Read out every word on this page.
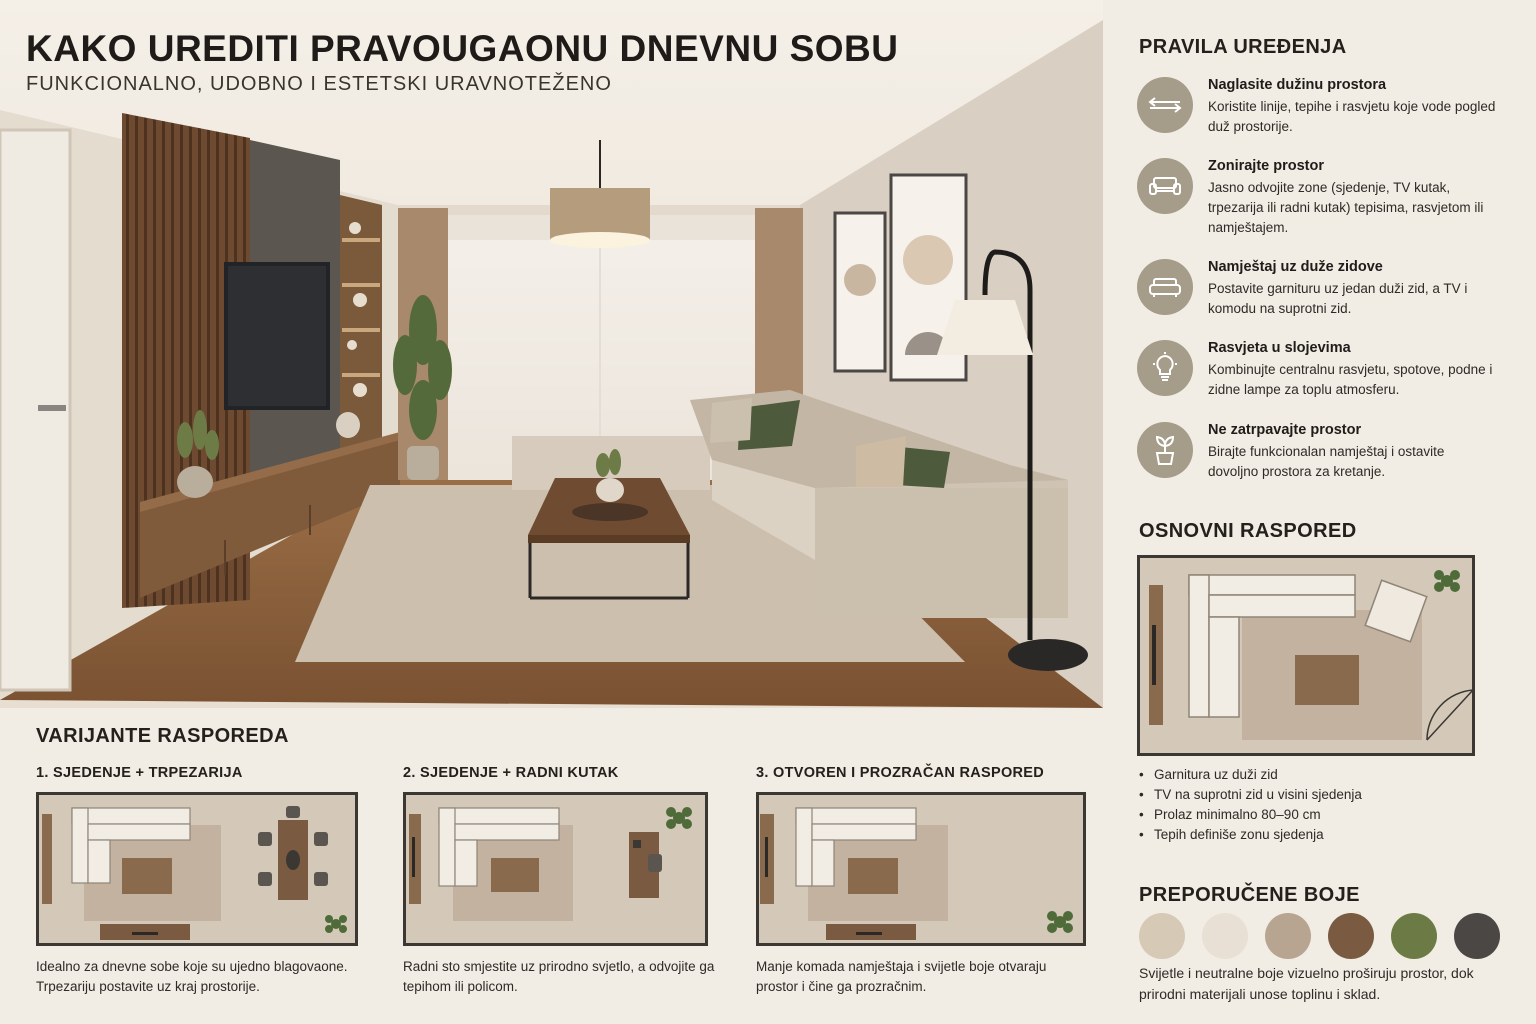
KAKO UREDITI PRAVOUGAONU DNEVNU SOBU
FUNKCIONALNO, UDOBNO I ESTETSKI URAVNOTEŽENO
PRAVILA UREĐENJA
Naglasite dužinu prostora
Koristite linije, tepihe i rasvjetu koje vode pogled duž prostorije.
Zonirajte prostor
Jasno odvojite zone (sjedenje, TV kutak, trpezarija ili radni kutak) tepisima, rasvjetom ili namještajem.
Namještaj uz duže zidove
Postavite garnituru uz jedan duži zid, a TV i komodu na suprotni zid.
Rasvjeta u slojevima
Kombinujte centralnu rasvjetu, spotove, podne i zidne lampe za toplu atmosferu.
Ne zatrpavajte prostor
Birajte funkcionalan namještaj i ostavite dovoljno prostora za kretanje.
OSNOVNI RASPORED
• Garnitura uz duži zid
• TV na suprotni zid u visini sjedenja
• Prolaz minimalno 80–90 cm
• Tepih definiše zonu sjedenja
PREPORUČENE BOJE
Svijetle i neutralne boje vizuelno proširuju prostor, dok prirodni materijali unose toplinu i sklad.
VARIJANTE RASPOREDA
1. SJEDENJE + TRPEZARIJA
Idealno za dnevne sobe koje su ujedno blagovaone. Trpezariju postavite uz kraj prostorije.
2. SJEDENJE + RADNI KUTAK
Radni sto smjestite uz prirodno svjetlo, a odvojite ga tepihom ili policom.
3. OTVOREN I PROZRAČAN RASPORED
Manje komada namještaja i svijetle boje otvaraju prostor i čine ga prozračnim.
